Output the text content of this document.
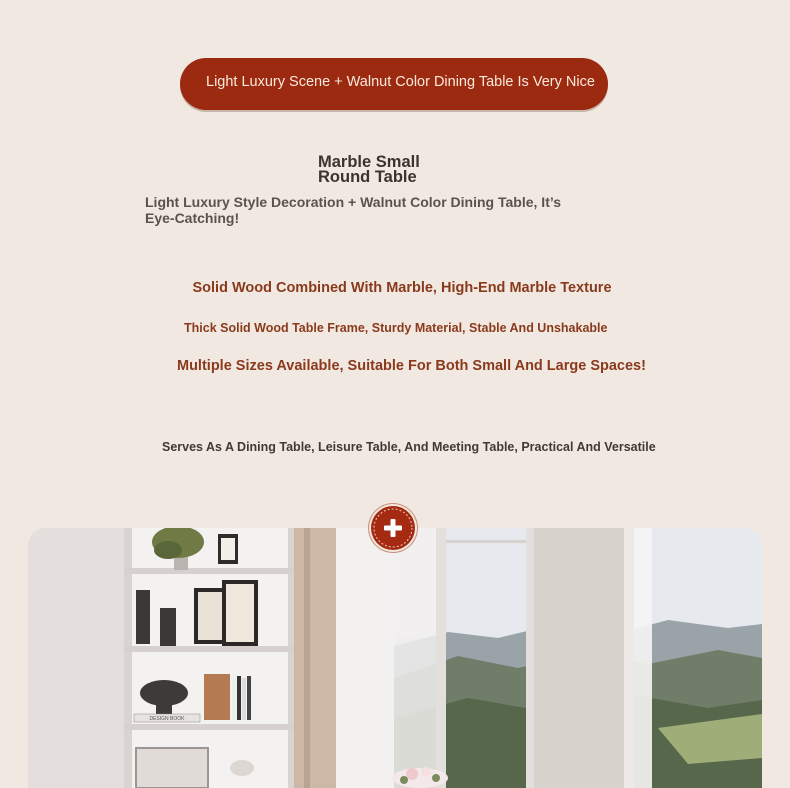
Light Luxury Scene + Walnut Color Dining Table Is Very Nice
Marble Small
Round Table
Light Luxury Style Decoration + Walnut Color Dining Table, It’s Eye-Catching!
Solid Wood Combined With Marble, High-End Marble Texture
Thick Solid Wood Table Frame, Sturdy Material, Stable And Unshakable
Multiple Sizes Available, Suitable For Both Small And Large Spaces!
Serves As A Dining Table, Leisure Table, And Meeting Table, Practical And Versatile
DESIGN BOOK
